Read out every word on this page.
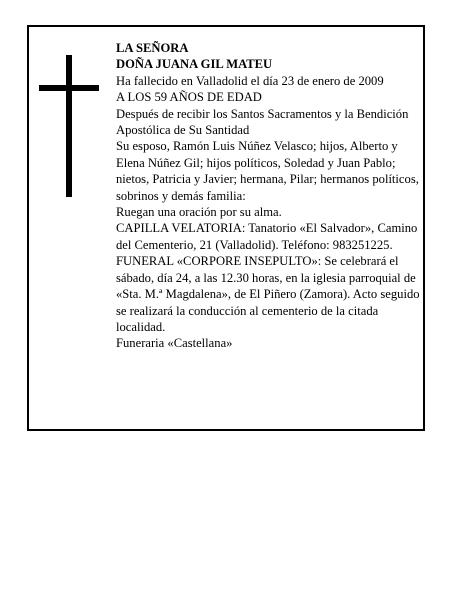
LA SEÑORA

DOÑA JUANA GIL MATEU

Ha fallecido en Valladolid el día 23 de enero de 2009

A LOS 59 AÑOS DE EDAD

Después de recibir los Santos Sacramentos y la Bendición Apostólica de Su Santidad

Su esposo, Ramón Luis Núñez Velasco; hijos, Alberto y Elena Núñez Gil; hijos políticos, Soledad y Juan Pablo; nietos, Patricia y Javier; hermana, Pilar; hermanos políticos, sobrinos y demás familia:

Ruegan una oración por su alma.

CAPILLA VELATORIA: Tanatorio «El Salvador», Camino del Cementerio, 21 (Valladolid). Teléfono: 983251225.

FUNERAL «CORPORE INSEPULTO»: Se celebrará el sábado, día 24, a las 12.30 horas, en la iglesia parroquial de «Sta. M.ª Magdalena», de El Piñero (Zamora). Acto seguido se realizará la conducción al cementerio de la citada localidad.

Funeraria «Castellana»
